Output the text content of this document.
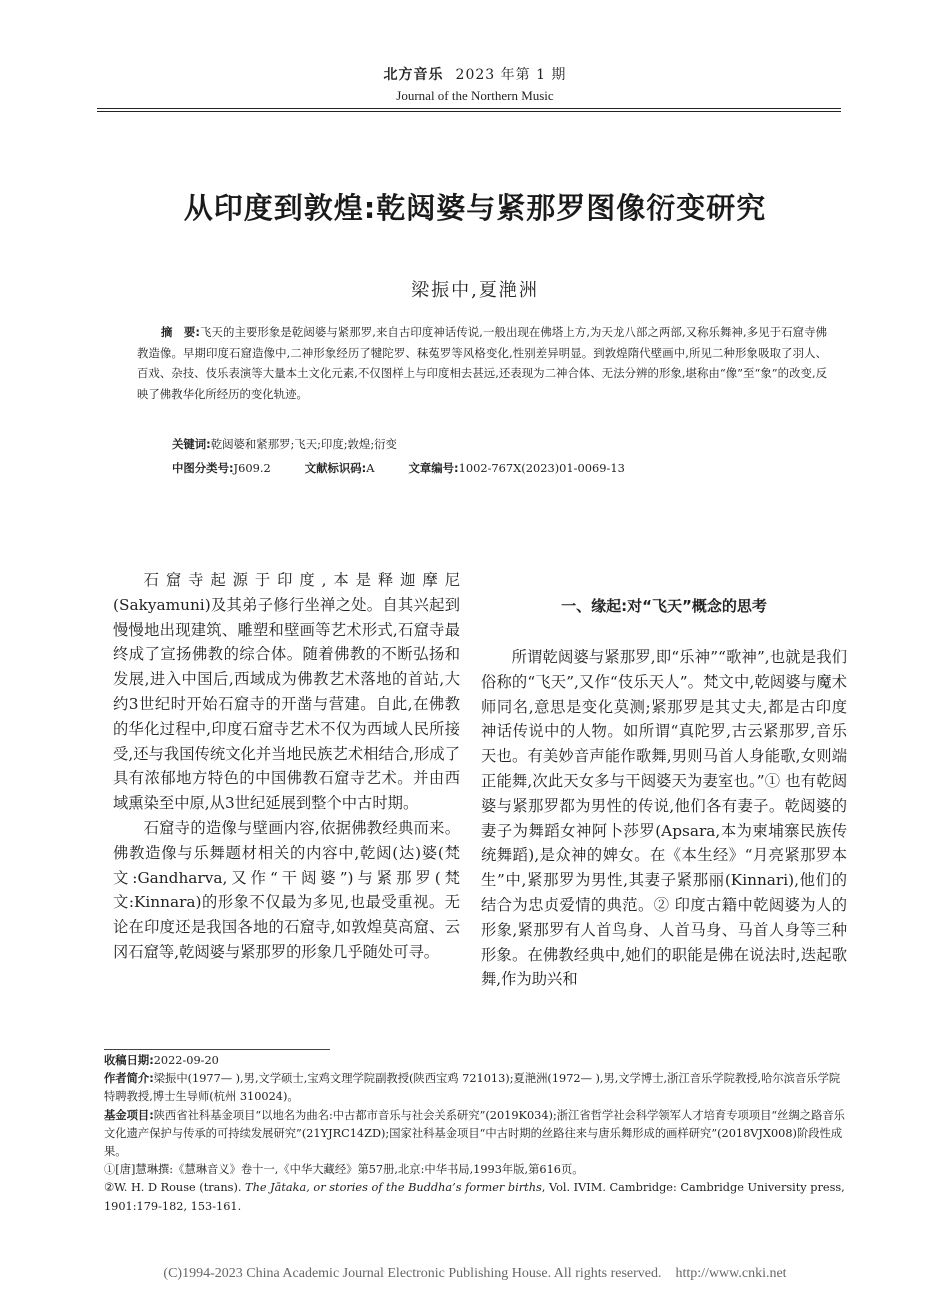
北方音乐 2023 年第 1 期
Journal of the Northern Music
从印度到敦煌:乾闼婆与紧那罗图像衍变研究
梁振中,夏滟洲

摘　要:飞天的主要形象是乾闼婆与紧那罗,来自古印度神话传说,一般出现在佛塔上方,为天龙八部之两部,又称乐舞神,多见于石窟寺佛教造像。早期印度石窟造像中,二神形象经历了犍陀罗、秣菟罗等风格变化,性别差异明显。到敦煌隋代壁画中,所见二种形象吸取了羽人、百戏、杂技、伎乐表演等大量本土文化元素,不仅图样上与印度相去甚远,还表现为二神合体、无法分辨的形象,堪称由“像”至“象”的改变,反映了佛教华化所经历的变化轨迹。

关键词:乾闼婆和紧那罗;飞天;印度;敦煌;衍变
中图分类号:J609.2	文献标识码:A	文章编号:1002-767X(2023)01-0069-13

石窟寺起源于印度,本是释迦摩尼(Sakyamuni)及其弟子修行坐禅之处。自其兴起到慢慢地出现建筑、雕塑和壁画等艺术形式,石窟寺最终成了宣扬佛教的综合体。随着佛教的不断弘扬和发展,进入中国后,西域成为佛教艺术落地的首站,大约3世纪时开始石窟寺的开凿与营建。自此,在佛教的华化过程中,印度石窟寺艺术不仅为西域人民所接受,还与我国传统文化并当地民族艺术相结合,形成了具有浓郁地方特色的中国佛教石窟寺艺术。并由西域熏染至中原,从3世纪延展到整个中古时期。

石窟寺的造像与壁画内容,依据佛教经典而来。佛教造像与乐舞题材相关的内容中,乾闼(达)婆(梵文:Gandharva,又作“干闼婆”)与紧那罗(梵文:Kinnara)的形象不仅最为多见,也最受重视。无论在印度还是我国各地的石窟寺,如敦煌莫高窟、云冈石窟等,乾闼婆与紧那罗的形象几乎随处可寻。

一、缘起:对“飞天”概念的思考

所谓乾闼婆与紧那罗,即“乐神”“歌神”,也就是我们俗称的“飞天”,又作“伎乐天人”。梵文中,乾闼婆与魔术师同名,意思是变化莫测;紧那罗是其丈夫,都是古印度神话传说中的人物。如所谓“真陀罗,古云紧那罗,音乐天也。有美妙音声能作歌舞,男则马首人身能歌,女则端正能舞,次此天女多与干闼婆天为妻室也。”① 也有乾闼婆与紧那罗都为男性的传说,他们各有妻子。乾闼婆的妻子为舞蹈女神阿卜莎罗(Apsara,本为柬埔寨民族传统舞蹈),是众神的婢女。在《本生经》“月亮紧那罗本生”中,紧那罗为男性,其妻子紧那丽(Kinnari),他们的结合为忠贞爱情的典范。② 印度古籍中乾闼婆为人的形象,紧那罗有人首鸟身、人首马身、马首人身等三种形象。在佛教经典中,她们的职能是佛在说法时,迭起歌舞,作为助兴和

收稿日期:2022-09-20

作者简介:梁振中(1977— ),男,文学硕士,宝鸡文理学院副教授(陕西宝鸡 721013);夏滟洲(1972— ),男,文学博士,浙江音乐学院教授,哈尔滨音乐学院特聘教授,博士生导师(杭州 310024)。

基金项目:陕西省社科基金项目“以地名为曲名:中古都市音乐与社会关系研究”(2019K034);浙江省哲学社会科学领军人才培育专项项目“丝绸之路音乐文化遗产保护与传承的可持续发展研究”(21YJRC14ZD);国家社科基金项目“中古时期的丝路往来与唐乐舞形成的画样研究”(2018VJX008)阶段性成果。

①[唐]慧琳撰:《慧琳音义》卷十一,《中华大藏经》第57册,北京:中华书局,1993年版,第616页。

②W. H. D Rouse (trans). The Jātaka, or stories of the Buddha’s former births, Vol. IVIM. Cambridge: Cambridge University press, 1901:179-182, 153-161.

(C)1994-2023 China Academic Journal Electronic Publishing House. All rights reserved.    http://www.cnki.net
